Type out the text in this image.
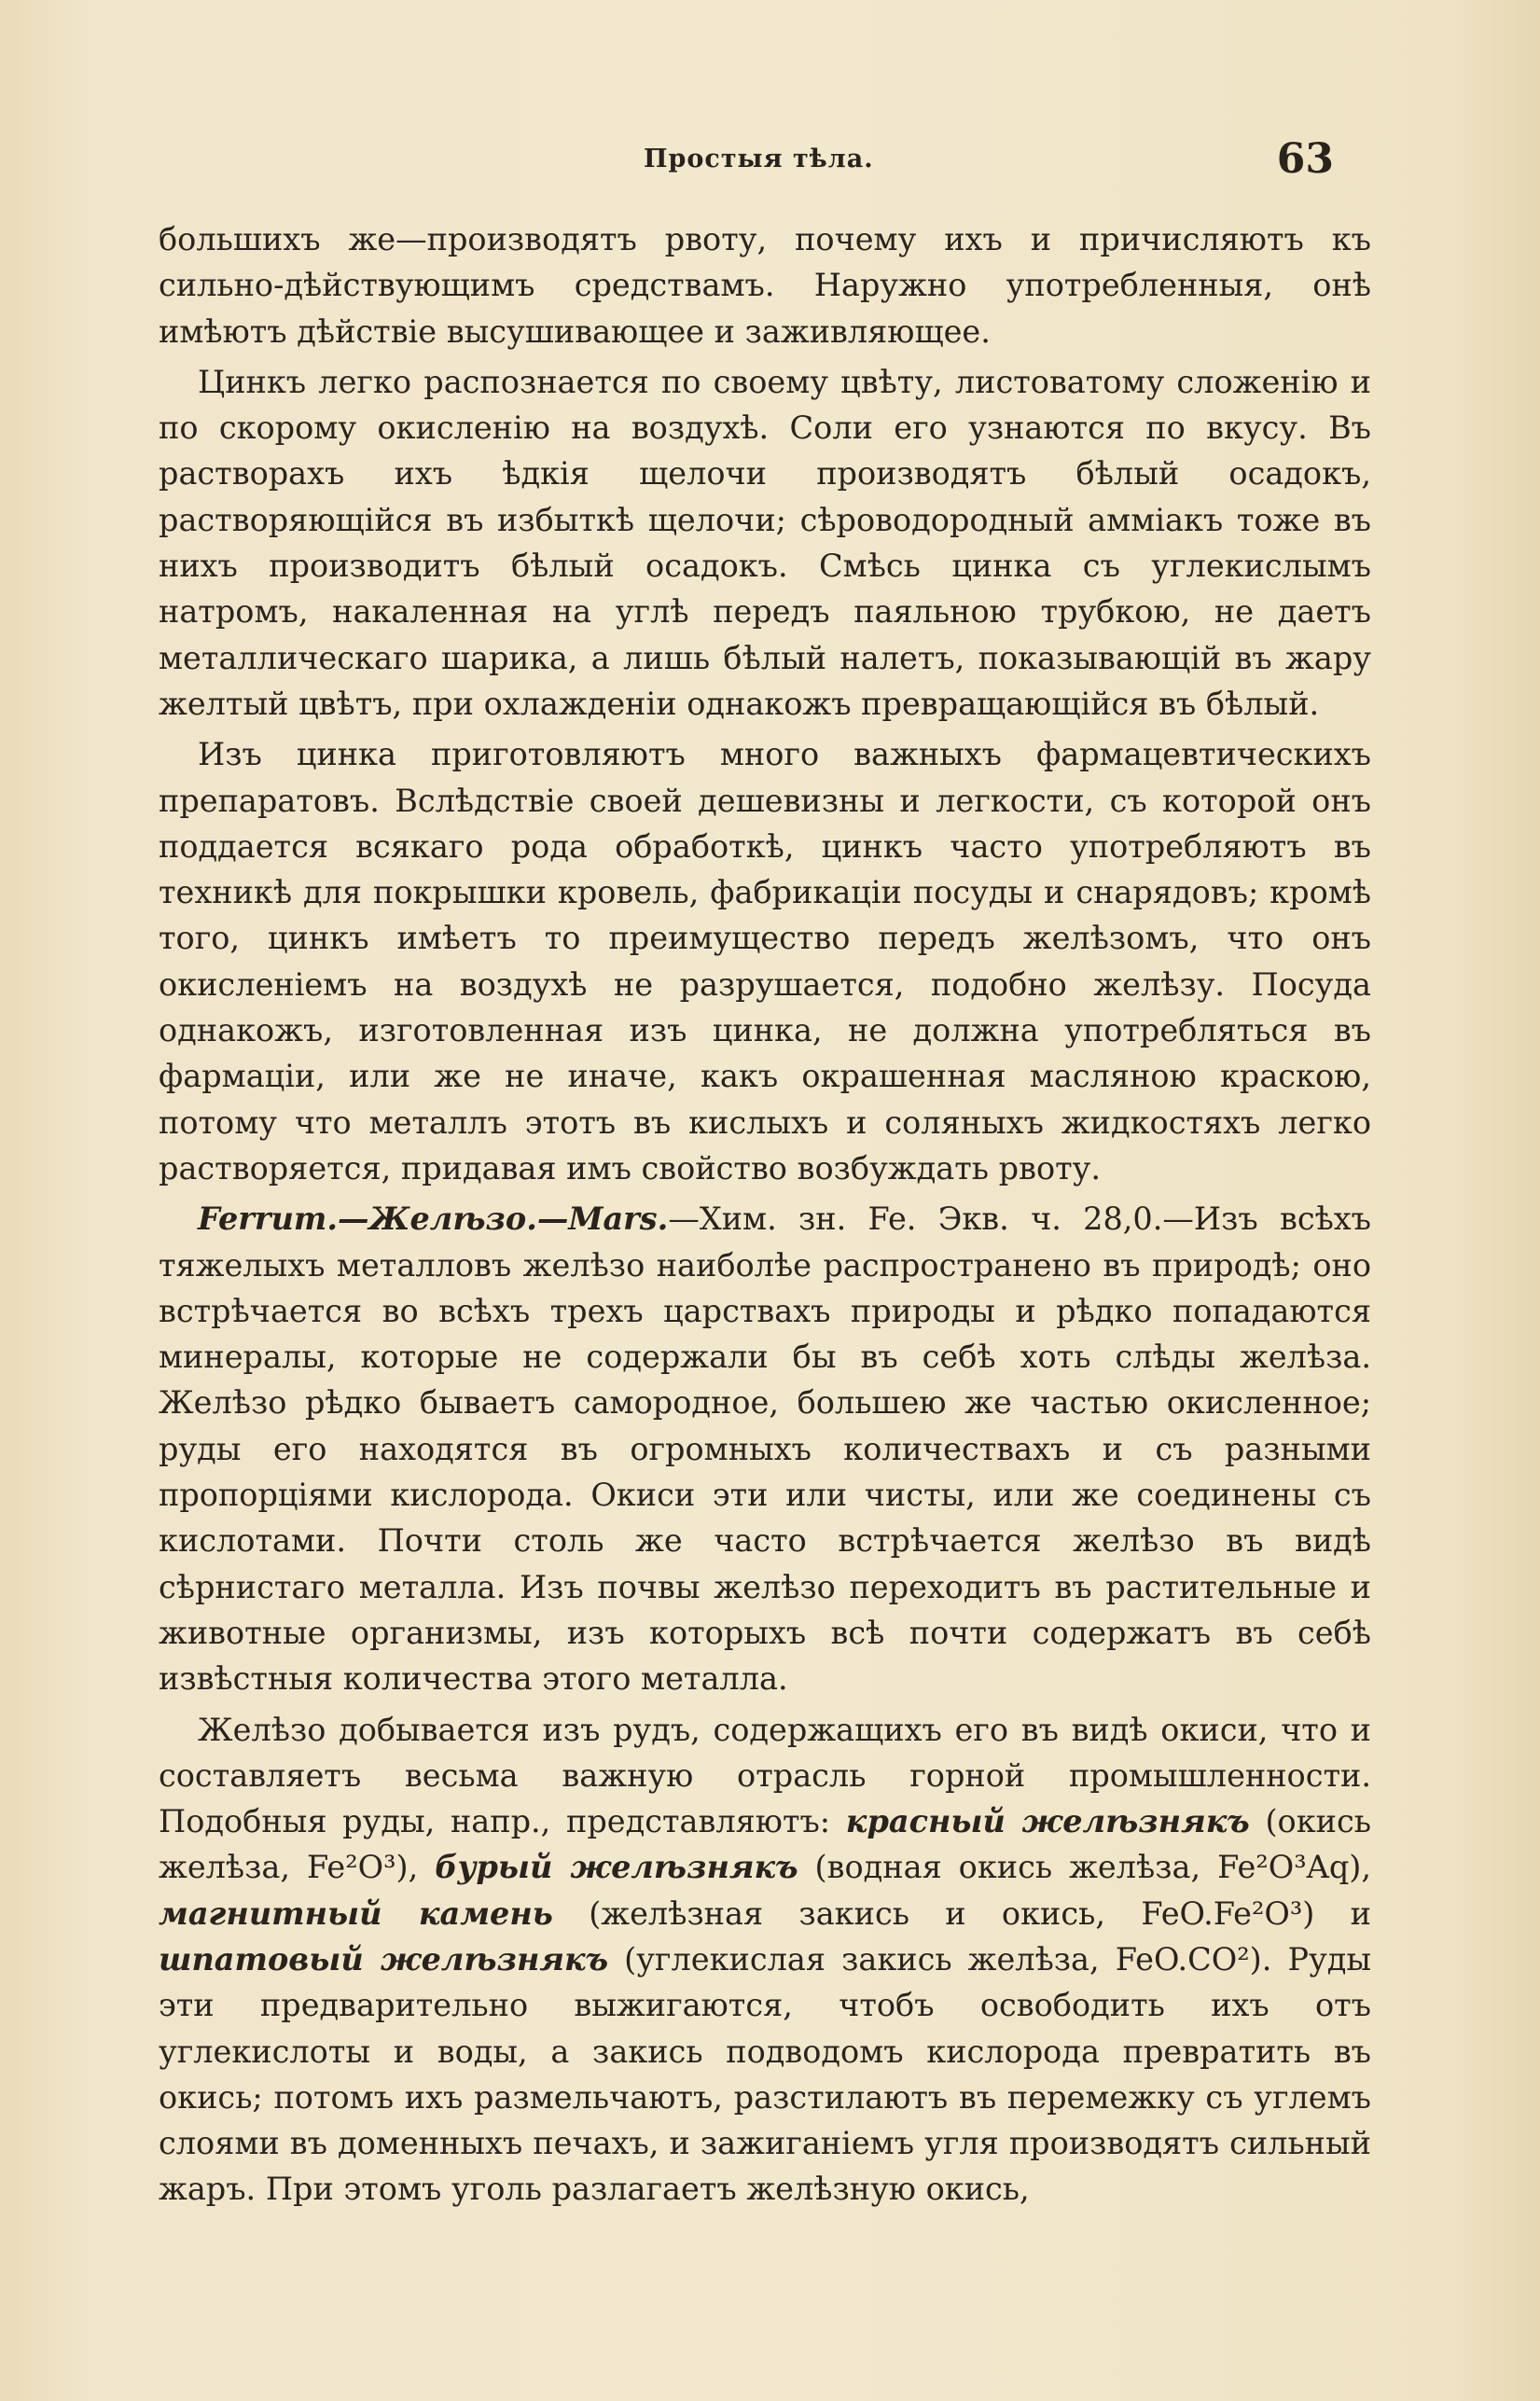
Простыя тѣла.	63

большихъ же—производятъ рвоту, почему ихъ и причисляютъ къ сильно-дѣйствующимъ средствамъ. Наружно употребленныя, онѣ имѣютъ дѣйствіе высушивающее и заживляющее.

Цинкъ легко распознается по своему цвѣту, листоватому сложенію и по скорому окисленію на воздухѣ. Соли его узнаются по вкусу. Въ растворахъ ихъ ѣдкія щелочи производятъ бѣлый осадокъ, растворяющійся въ избыткѣ щелочи; сѣроводородный амміакъ тоже въ нихъ производитъ бѣлый осадокъ. Смѣсь цинка съ углекислымъ натромъ, накаленная на углѣ передъ паяльною трубкою, не даетъ металлическаго шарика, а лишь бѣлый налетъ, показывающій въ жару желтый цвѣтъ, при охлажденіи однакожъ превращающійся въ бѣлый.

Изъ цинка приготовляютъ много важныхъ фармацевтическихъ препаратовъ. Вслѣдствіе своей дешевизны и легкости, съ которой онъ поддается всякаго рода обработкѣ, цинкъ часто употребляютъ въ техникѣ для покрышки кровель, фабрикаціи посуды и снарядовъ; кромѣ того, цинкъ имѣетъ то преимущество передъ желѣзомъ, что онъ окисленіемъ на воздухѣ не разрушается, подобно желѣзу. Посуда однакожъ, изготовленная изъ цинка, не должна употребляться въ фармаціи, или же не иначе, какъ окрашенная масляною краскою, потому что металлъ этотъ въ кислыхъ и соляныхъ жидкостяхъ легко растворяется, придавая имъ свойство возбуждать рвоту.

Ferrum.—Желѣзо.—Mars.—Хим. зн. Fe. Экв. ч. 28,0.—Изъ всѣхъ тяжелыхъ металловъ желѣзо наиболѣе распространено въ природѣ; оно встрѣчается во всѣхъ трехъ царствахъ природы и рѣдко попадаются минералы, которые не содержали бы въ себѣ хоть слѣды желѣза. Желѣзо рѣдко бываетъ самородное, большею же частью окисленное; руды его находятся въ огромныхъ количествахъ и съ разными пропорціями кислорода. Окиси эти или чисты, или же соединены съ кислотами. Почти столь же часто встрѣчается желѣзо въ видѣ сѣрнистаго металла. Изъ почвы желѣзо переходитъ въ растительные и животные организмы, изъ которыхъ всѣ почти содержатъ въ себѣ извѣстныя количества этого металла.

Желѣзо добывается изъ рудъ, содержащихъ его въ видѣ окиси, что и составляетъ весьма важную отрасль горной промышленности. Подобныя руды, напр., представляютъ: красный желѣзнякъ (окись желѣза, Fe²O³), бурый желѣзнякъ (водная окись желѣза, Fe²O³Aq), магнитный камень (желѣзная закись и окись, FeO.Fe²O³) и шпатовый желѣзнякъ (углекислая закись желѣза, FeO.CO²). Руды эти предварительно выжигаются, чтобъ освободить ихъ отъ углекислоты и воды, а закись подводомъ кислорода превратить въ окись; потомъ ихъ размельчаютъ, разстилаютъ въ перемежку съ углемъ слоями въ доменныхъ печахъ, и зажиганіемъ угля производятъ сильный жаръ. При этомъ уголь разлагаетъ желѣзную окись,
